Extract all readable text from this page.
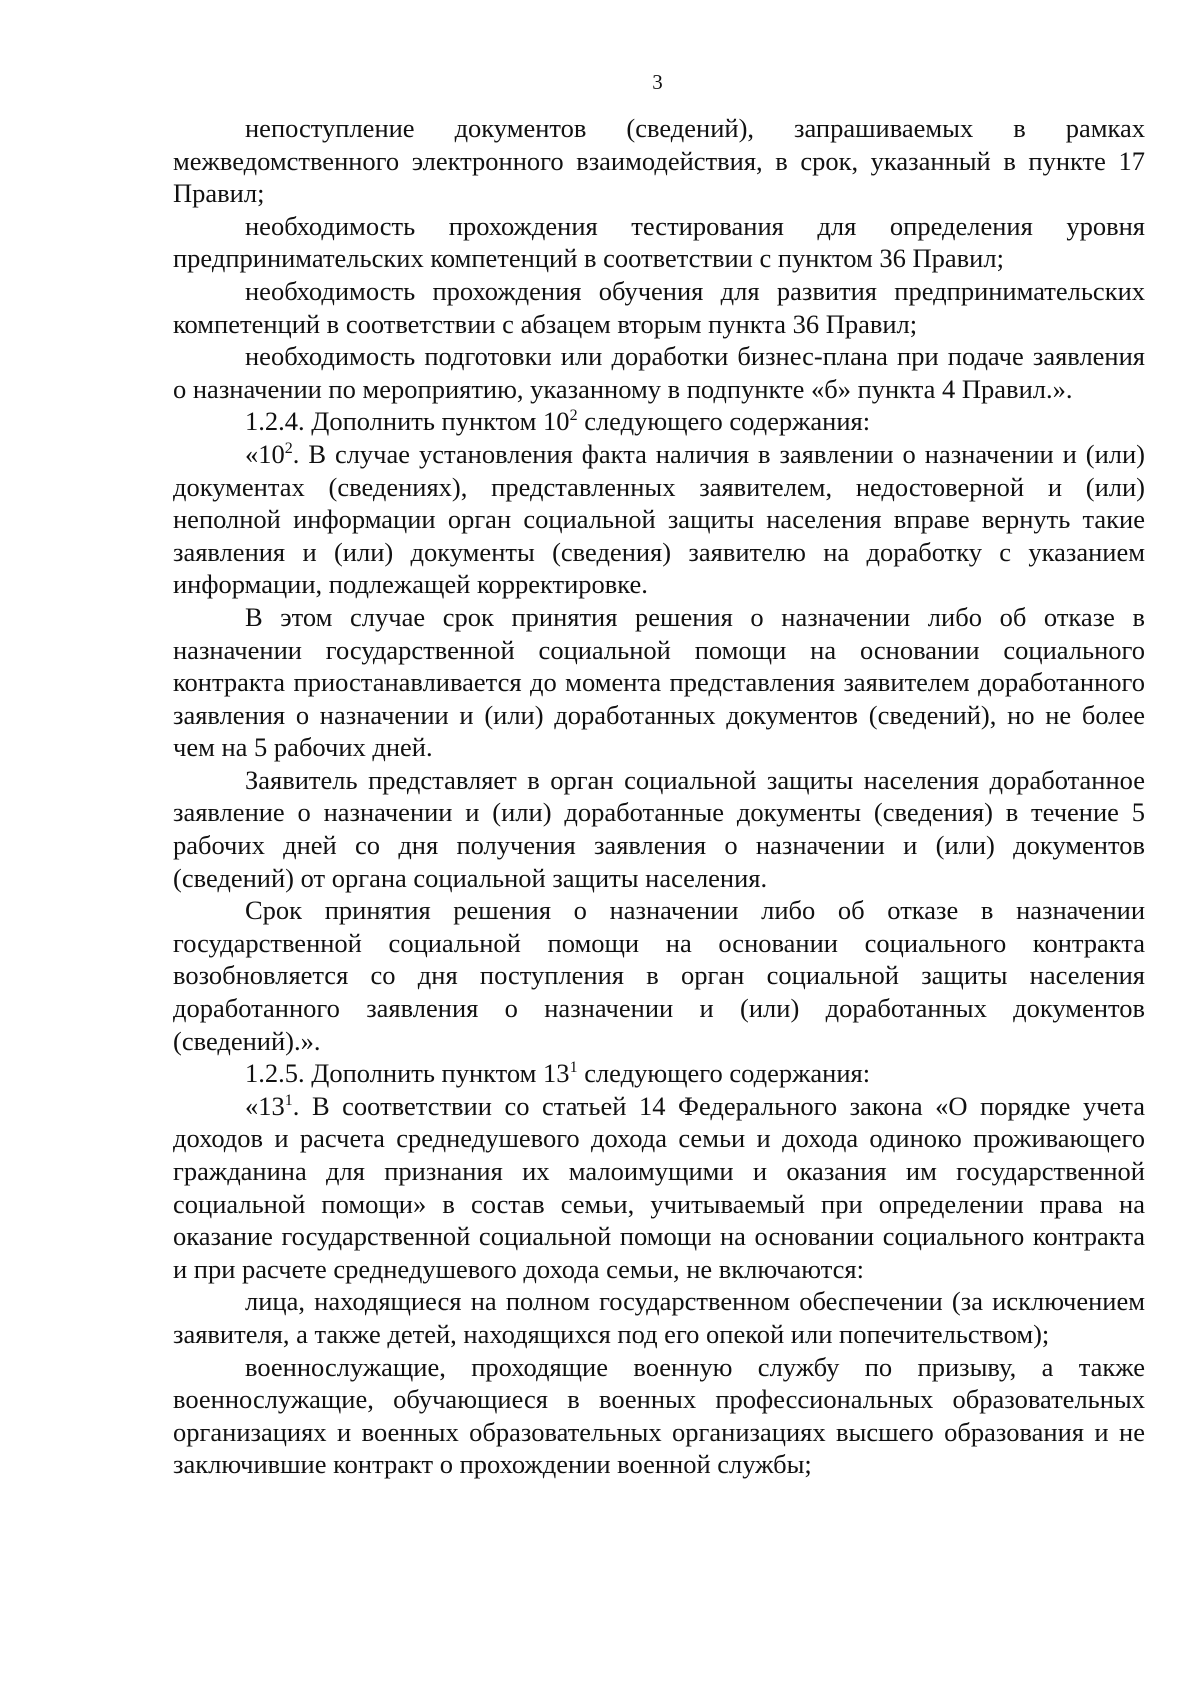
3

непоступление документов (сведений), запрашиваемых в рамках межведомственного электронного взаимодействия, в срок, указанный в пункте 17 Правил;

необходимость прохождения тестирования для определения уровня предпринимательских компетенций в соответствии с пунктом 36 Правил;

необходимость прохождения обучения для развития предпринимательских компетенций в соответствии с абзацем вторым пункта 36 Правил;

необходимость подготовки или доработки бизнес-плана при подаче заявления о назначении по мероприятию, указанному в подпункте «б» пункта 4 Правил.».

1.2.4. Дополнить пунктом $10^2$ следующего содержания:

«$10^2$. В случае установления факта наличия в заявлении о назначении и (или) документах (сведениях), представленных заявителем, недостоверной и (или) неполной информации орган социальной защиты населения вправе вернуть такие заявления и (или) документы (сведения) заявителю на доработку с указанием информации, подлежащей корректировке.

В этом случае срок принятия решения о назначении либо об отказе в назначении государственной социальной помощи на основании социального контракта приостанавливается до момента представления заявителем доработанного заявления о назначении и (или) доработанных документов (сведений), но не более чем на 5 рабочих дней.

Заявитель представляет в орган социальной защиты населения доработанное заявление о назначении и (или) доработанные документы (сведения) в течение 5 рабочих дней со дня получения заявления о назначении и (или) документов (сведений) от органа социальной защиты населения.

Срок принятия решения о назначении либо об отказе в назначении государственной социальной помощи на основании социального контракта возобновляется со дня поступления в орган социальной защиты населения доработанного заявления о назначении и (или) доработанных документов (сведений).».

1.2.5. Дополнить пунктом $13^1$ следующего содержания:

«$13^1$. В соответствии со статьей 14 Федерального закона «О порядке учета доходов и расчета среднедушевого дохода семьи и дохода одиноко проживающего гражданина для признания их малоимущими и оказания им государственной социальной помощи» в состав семьи, учитываемый при определении права на оказание государственной социальной помощи на основании социального контракта и при расчете среднедушевого дохода семьи, не включаются:

лица, находящиеся на полном государственном обеспечении (за исключением заявителя, а также детей, находящихся под его опекой или попечительством);

военнослужащие, проходящие военную службу по призыву, а также военнослужащие, обучающиеся в военных профессиональных образовательных организациях и военных образовательных организациях высшего образования и не заключившие контракт о прохождении военной службы;
